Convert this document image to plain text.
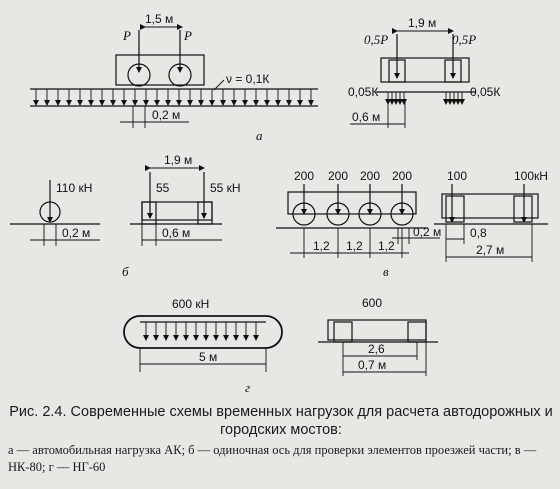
1,5 м
P	P
ν = 0,1К
0,2 м
а
1,9 м
0,5P	0,5P
0,05К	0,05К
0,6 м
110 кН
0,2 м
1,9 м
55	55 кН
0,6 м
б
200 200 200 200
1,2 1,2 1,2
0,2 м
в
100	100кН
0,8
2,7 м
600 кН
5 м
г
600
2,6
0,7 м

Рис. 2.4. Современные схемы временных нагрузок для расчета автодорожных и городских мостов:

а — автомобильная нагрузка АК; б — одиночная ось для проверки элементов проезжей части; в — НК-80; г — НГ-60
